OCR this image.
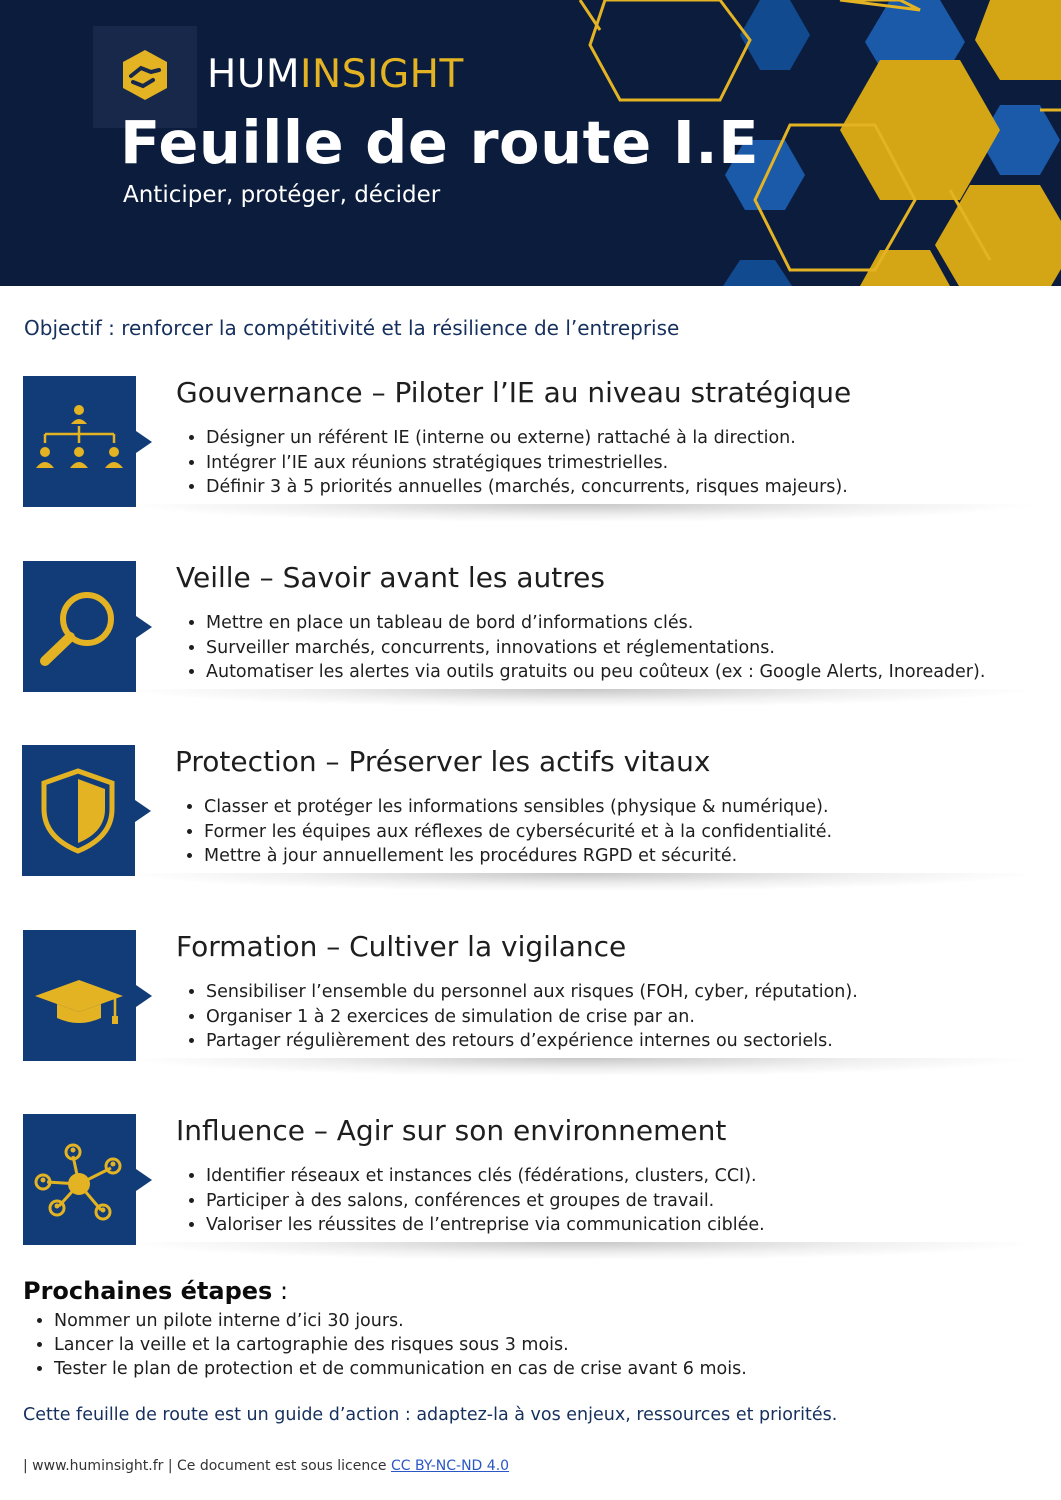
HUMINSIGHT
Feuille de route I.E
Anticiper, protéger, décider
Objectif : renforcer la compétitivité et la résilience de l’entreprise
Gouvernance – Piloter l’IE au niveau stratégique
• Désigner un référent IE (interne ou externe) rattaché à la direction.
• Intégrer l’IE aux réunions stratégiques trimestrielles.
• Définir 3 à 5 priorités annuelles (marchés, concurrents, risques majeurs).
Veille – Savoir avant les autres
• Mettre en place un tableau de bord d’informations clés.
• Surveiller marchés, concurrents, innovations et réglementations.
• Automatiser les alertes via outils gratuits ou peu coûteux (ex : Google Alerts, Inoreader).
Protection – Préserver les actifs vitaux
• Classer et protéger les informations sensibles (physique & numérique).
• Former les équipes aux réflexes de cybersécurité et à la confidentialité.
• Mettre à jour annuellement les procédures RGPD et sécurité.
Formation – Cultiver la vigilance
• Sensibiliser l’ensemble du personnel aux risques (FOH, cyber, réputation).
• Organiser 1 à 2 exercices de simulation de crise par an.
• Partager régulièrement des retours d’expérience internes ou sectoriels.
Influence – Agir sur son environnement
• Identifier réseaux et instances clés (fédérations, clusters, CCI).
• Participer à des salons, conférences et groupes de travail.
• Valoriser les réussites de l’entreprise via communication ciblée.
Prochaines étapes :
• Nommer un pilote interne d’ici 30 jours.
• Lancer la veille et la cartographie des risques sous 3 mois.
• Tester le plan de protection et de communication en cas de crise avant 6 mois.
Cette feuille de route est un guide d’action : adaptez-la à vos enjeux, ressources et priorités.
| www.huminsight.fr | Ce document est sous licence CC BY-NC-ND 4.0
